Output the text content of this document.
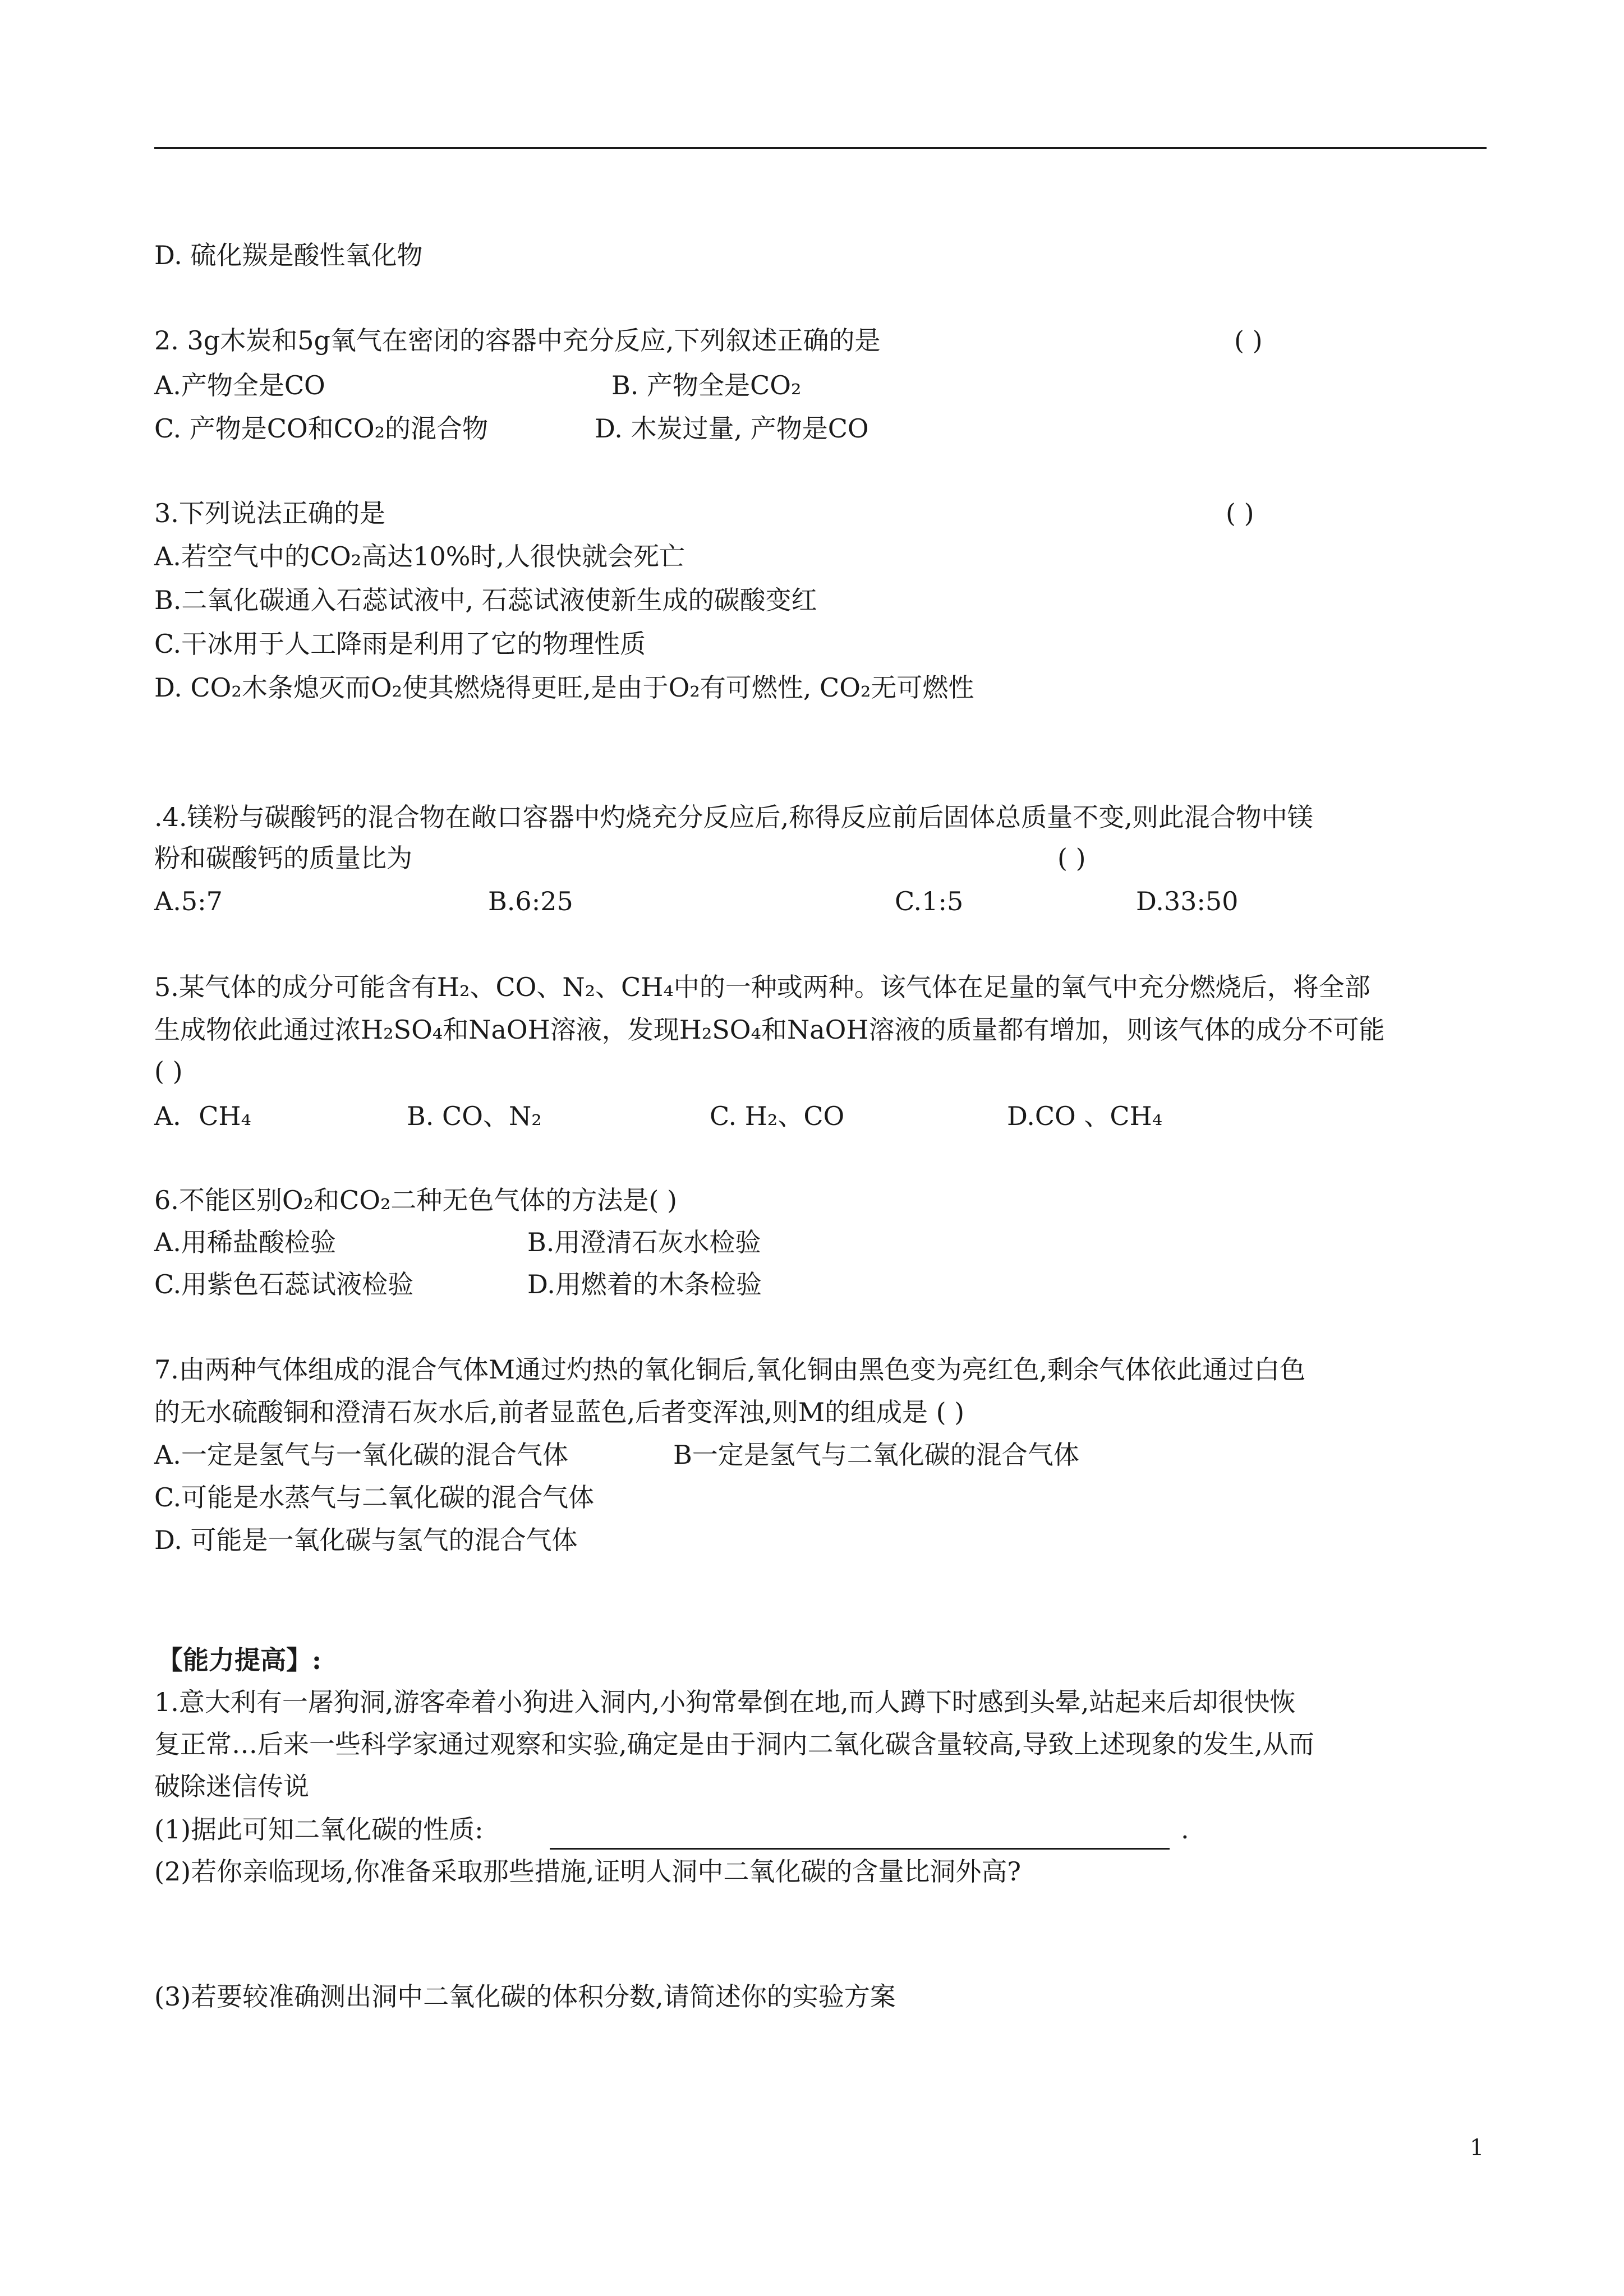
D. 硫化羰是酸性氧化物
2. 3g木炭和5g氧气在密闭的容器中充分反应,下列叙述正确的是	( )
A.产物全是CO	B. 产物全是CO₂
C. 产物是CO和CO₂的混合物	D. 木炭过量, 产物是CO
3.下列说法正确的是	( )
A.若空气中的CO₂高达10%时,人很快就会死亡
B.二氧化碳通入石蕊试液中, 石蕊试液使新生成的碳酸变红
C.干冰用于人工降雨是利用了它的物理性质
D. CO₂木条熄灭而O₂使其燃烧得更旺,是由于O₂有可燃性, CO₂无可燃性
.4.镁粉与碳酸钙的混合物在敞口容器中灼烧充分反应后,称得反应前后固体总质量不变,则此混合物中镁
粉和碳酸钙的质量比为	( )
A.5:7	B.6:25	C.1:5	D.33:50
5.某气体的成分可能含有H₂、CO、N₂、CH₄中的一种或两种。该气体在足量的氧气中充分燃烧后，将全部
生成物依此通过浓H₂SO₄和NaOH溶液，发现H₂SO₄和NaOH溶液的质量都有增加，则该气体的成分不可能
( )
A．CH₄	B. CO、N₂	C. H₂、CO	D.CO 、CH₄
6.不能区别O₂和CO₂二种无色气体的方法是( )
A.用稀盐酸检验	B.用澄清石灰水检验
C.用紫色石蕊试液检验	D.用燃着的木条检验
7.由两种气体组成的混合气体M通过灼热的氧化铜后,氧化铜由黑色变为亮红色,剩余气体依此通过白色
的无水硫酸铜和澄清石灰水后,前者显蓝色,后者变浑浊,则M的组成是 ( )
A.一定是氢气与一氧化碳的混合气体	B一定是氢气与二氧化碳的混合气体
C.可能是水蒸气与二氧化碳的混合气体
D. 可能是一氧化碳与氢气的混合气体
【能力提高】:
1.意大利有一屠狗洞,游客牵着小狗进入洞内,小狗常晕倒在地,而人蹲下时感到头晕,站起来后却很快恢
复正常…后来一些科学家通过观察和实验,确定是由于洞内二氧化碳含量较高,导致上述现象的发生,从而
破除迷信传说
(1)据此可知二氧化碳的性质:	.
(2)若你亲临现场,你准备采取那些措施,证明人洞中二氧化碳的含量比洞外高?
(3)若要较准确测出洞中二氧化碳的体积分数,请简述你的实验方案
1
